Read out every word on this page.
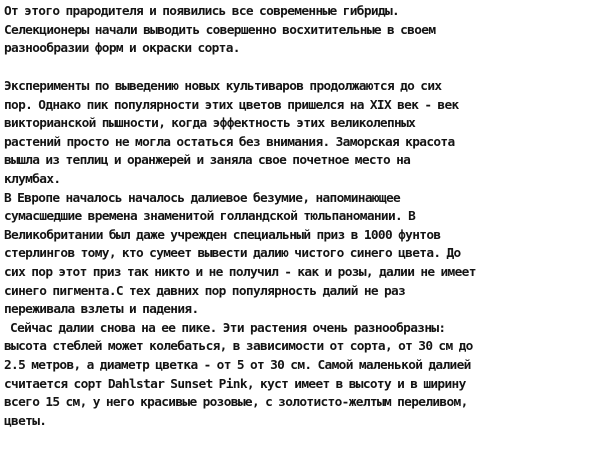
От этого прародителя и появились все современные гибриды.
Селекционеры начали выводить совершенно восхитительные в своем
разнообразии форм и окраски сорта.
Эксперименты по выведению новых культиваров продолжаются до сих
пор. Однако пик популярности этих цветов пришелся на XIX век - век
викторианской пышности, когда эффектность этих великолепных
растений просто не могла остаться без внимания. Заморская красота
вышла из теплиц и оранжерей и заняла свое почетное место на
клумбах.
В Европе началось началось далиевое безумие, напоминающее
сумасшедшие времена знаменитой голландской тюльпаномании. В
Великобритании был даже учрежден специальный приз в 1000 фунтов
стерлингов тому, кто сумеет вывести далию чистого синего цвета. До
сих пор этот приз так никто и не получил - как и розы, далии не имеет
синего пигмента.С тех давних пор популярность далий не раз
переживала взлеты и падения.
Сейчас далии снова на ее пике. Эти растения очень разнообразны:
высота стеблей может колебаться, в зависимости от сорта, от 30 см до
2.5 метров, а диаметр цветка - от 5 от 30 см. Самой маленькой далией
считается сорт Dahlstar Sunset Pink, куст имеет в высоту и в ширину
всего 15 см, у него красивые розовые, с золотисто-желтым переливом,
цветы.
